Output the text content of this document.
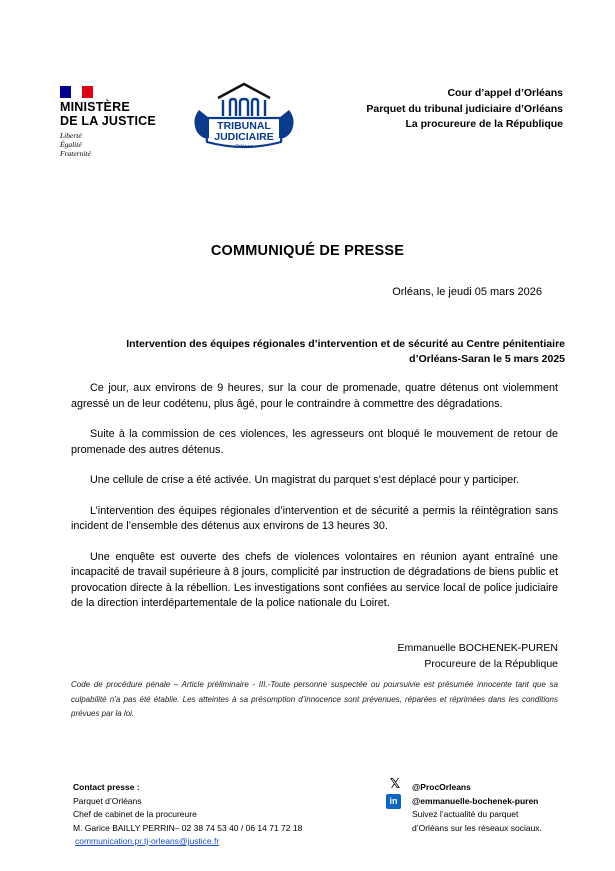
MINISTÈRE
DE LA JUSTICE
Liberté
Égalité
Fraternité
TRIBUNAL
JUDICIAIRE
Orléans
Cour d’appel d’Orléans
Parquet du tribunal judiciaire d’Orléans
La procureure de la République
COMMUNIQUÉ DE PRESSE
Orléans, le jeudi 05 mars 2026
Intervention des équipes régionales d’intervention et de sécurité au Centre pénitentiaire
d’Orléans-Saran le 5 mars 2025

Ce jour, aux environs de 9 heures, sur la cour de promenade, quatre détenus ont violemment agressé un de leur codétenu, plus âgé, pour le contraindre à commettre des dégradations.

Suite à la commission de ces violences, les agresseurs ont bloqué le mouvement de retour de promenade des autres détenus.

Une cellule de crise a été activée. Un magistrat du parquet s’est déplacé pour y participer.

L’intervention des équipes régionales d’intervention et de sécurité a permis la réintégration sans incident de l’ensemble des détenus aux environs de 13 heures 30.

Une enquête est ouverte des chefs de violences volontaires en réunion ayant entraîné une incapacité de travail supérieure à 8 jours, complicité par instruction de dégradations de biens public et provocation directe à la rébellion. Les investigations sont confiées au service local de police judiciaire de la direction interdépartementale de la police nationale du Loiret.

Emmanuelle BOCHENEK-PUREN
Procureure de la République
Code de procédure pénale – Article préliminaire - III.-Toute personne suspectée ou poursuivie est présumée innocente tant que sa culpabilité n’a pas été établie. Les atteintes à sa présomption d’innocence sont prévenues, réparées et réprimées dans les conditions prévues par la loi.
Contact presse :
Parquet d’Orléans
Chef de cabinet de la procureure
M. Garice BAILLY PERRIN– 02 38 74 53 40 / 06 14 71 72 18
communication.pr.tj-orleans@justice.fr
𝕏
in
@ProcOrleans
@emmanuelle-bochenek-puren
Suivez l’actualité du parquet
d’Orléans sur les réseaux sociaux.
